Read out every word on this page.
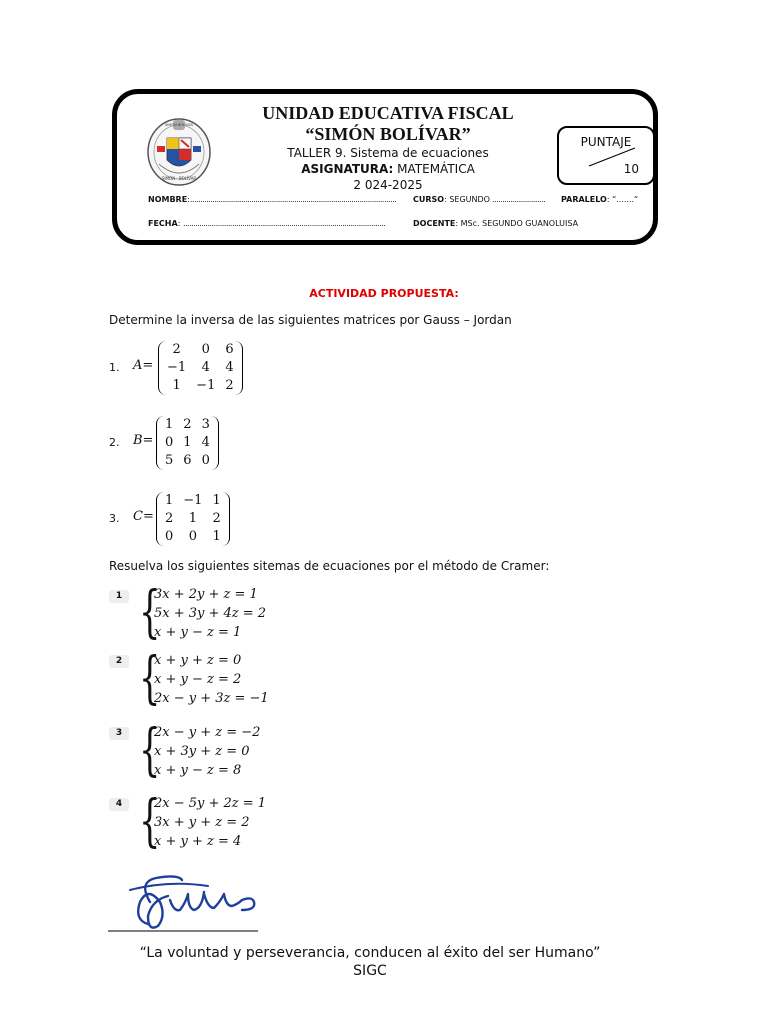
SIMÓN · BOLÍVAR
SIMÓN BOLÍVAR
UNIDAD EDUCATIVA FISCAL
“SIMÓN BOLÍVAR”
TALLER 9. Sistema de ecuaciones
ASIGNATURA: MATEMÁTICA
2 024-2025
PUNTAJE
10
NOMBRE:..................................................................................................... CURSO: SEGUNDO .......................... PARALELO: “.......“
FECHA: ...................................................................................................	DOCENTE: MSc. SEGUNDO GUANOLUISA
ACTIVIDAD PROPUESTA:
Determine la inversa de las siguientes matrices por Gauss – Jordan
1. A=
2	0	6
−1	4	4
1	−1	2
2. B=
1	2	3
0	1	4
5	6	0
3. C=
1	−1	1
2	1	2
0	0	1
Resuelva los siguientes sitemas de ecuaciones por el método de Cramer:
1 {
3x + 2y + z = 1
5x + 3y + 4z = 2
x + y − z = 1
2 {
x + y + z = 0
x + y − z = 2
2x − y + 3z = −1
3 {
2x − y + z = −2
x + 3y + z = 0
x + y − z = 8
4 {
2x − 5y + 2z = 1
3x + y + z = 2
x + y + z = 4
“La voluntad y perseverancia, conducen al éxito del ser Humano”
SIGC
